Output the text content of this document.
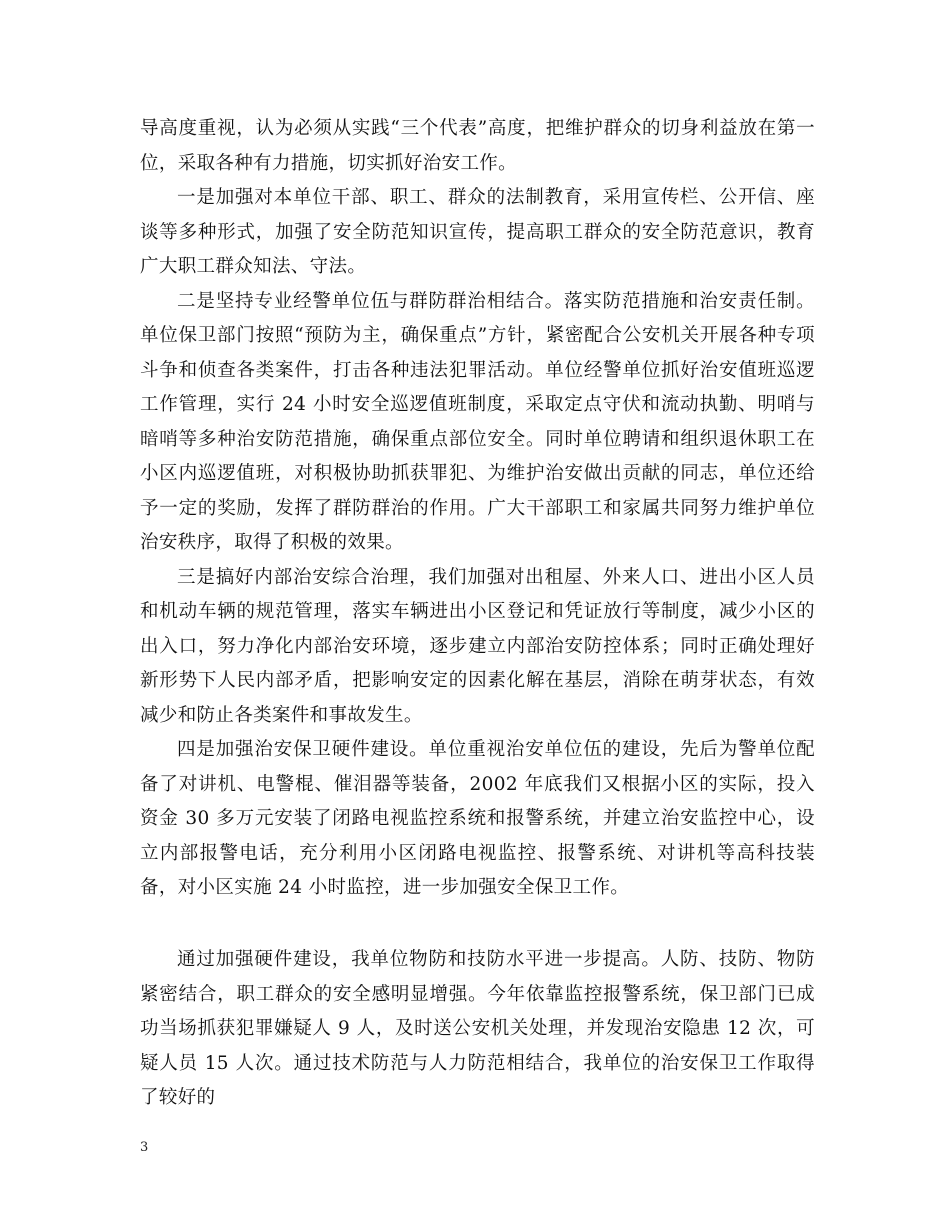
导高度重视，认为必须从实践“三个代表”高度，把维护群众的切身利益放在第一位，采取各种有力措施，切实抓好治安工作。

一是加强对本单位干部、职工、群众的法制教育，采用宣传栏、公开信、座谈等多种形式，加强了安全防范知识宣传，提高职工群众的安全防范意识，教育广大职工群众知法、守法。

二是坚持专业经警单位伍与群防群治相结合。落实防范措施和治安责任制。单位保卫部门按照“预防为主，确保重点”方针，紧密配合公安机关开展各种专项斗争和侦查各类案件，打击各种违法犯罪活动。单位经警单位抓好治安值班巡逻工作管理，实行 24 小时安全巡逻值班制度，采取定点守伏和流动执勤、明哨与暗哨等多种治安防范措施，确保重点部位安全。同时单位聘请和组织退休职工在小区内巡逻值班，对积极协助抓获罪犯、为维护治安做出贡献的同志，单位还给予一定的奖励，发挥了群防群治的作用。广大干部职工和家属共同努力维护单位治安秩序，取得了积极的效果。

三是搞好内部治安综合治理，我们加强对出租屋、外来人口、进出小区人员和机动车辆的规范管理，落实车辆进出小区登记和凭证放行等制度，减少小区的出入口，努力净化内部治安环境，逐步建立内部治安防控体系；同时正确处理好新形势下人民内部矛盾，把影响安定的因素化解在基层，消除在萌芽状态，有效减少和防止各类案件和事故发生。

四是加强治安保卫硬件建设。单位重视治安单位伍的建设，先后为警单位配备了对讲机、电警棍、催泪器等装备，2002 年底我们又根据小区的实际，投入资金 30 多万元安装了闭路电视监控系统和报警系统，并建立治安监控中心，设立内部报警电话，充分利用小区闭路电视监控、报警系统、对讲机等高科技装备，对小区实施 24 小时监控，进一步加强安全保卫工作。

通过加强硬件建设，我单位物防和技防水平进一步提高。人防、技防、物防紧密结合，职工群众的安全感明显增强。今年依靠监控报警系统，保卫部门已成功当场抓获犯罪嫌疑人 9 人，及时送公安机关处理，并发现治安隐患 12 次，可疑人员 15 人次。通过技术防范与人力防范相结合，我单位的治安保卫工作取得了较好的

3
